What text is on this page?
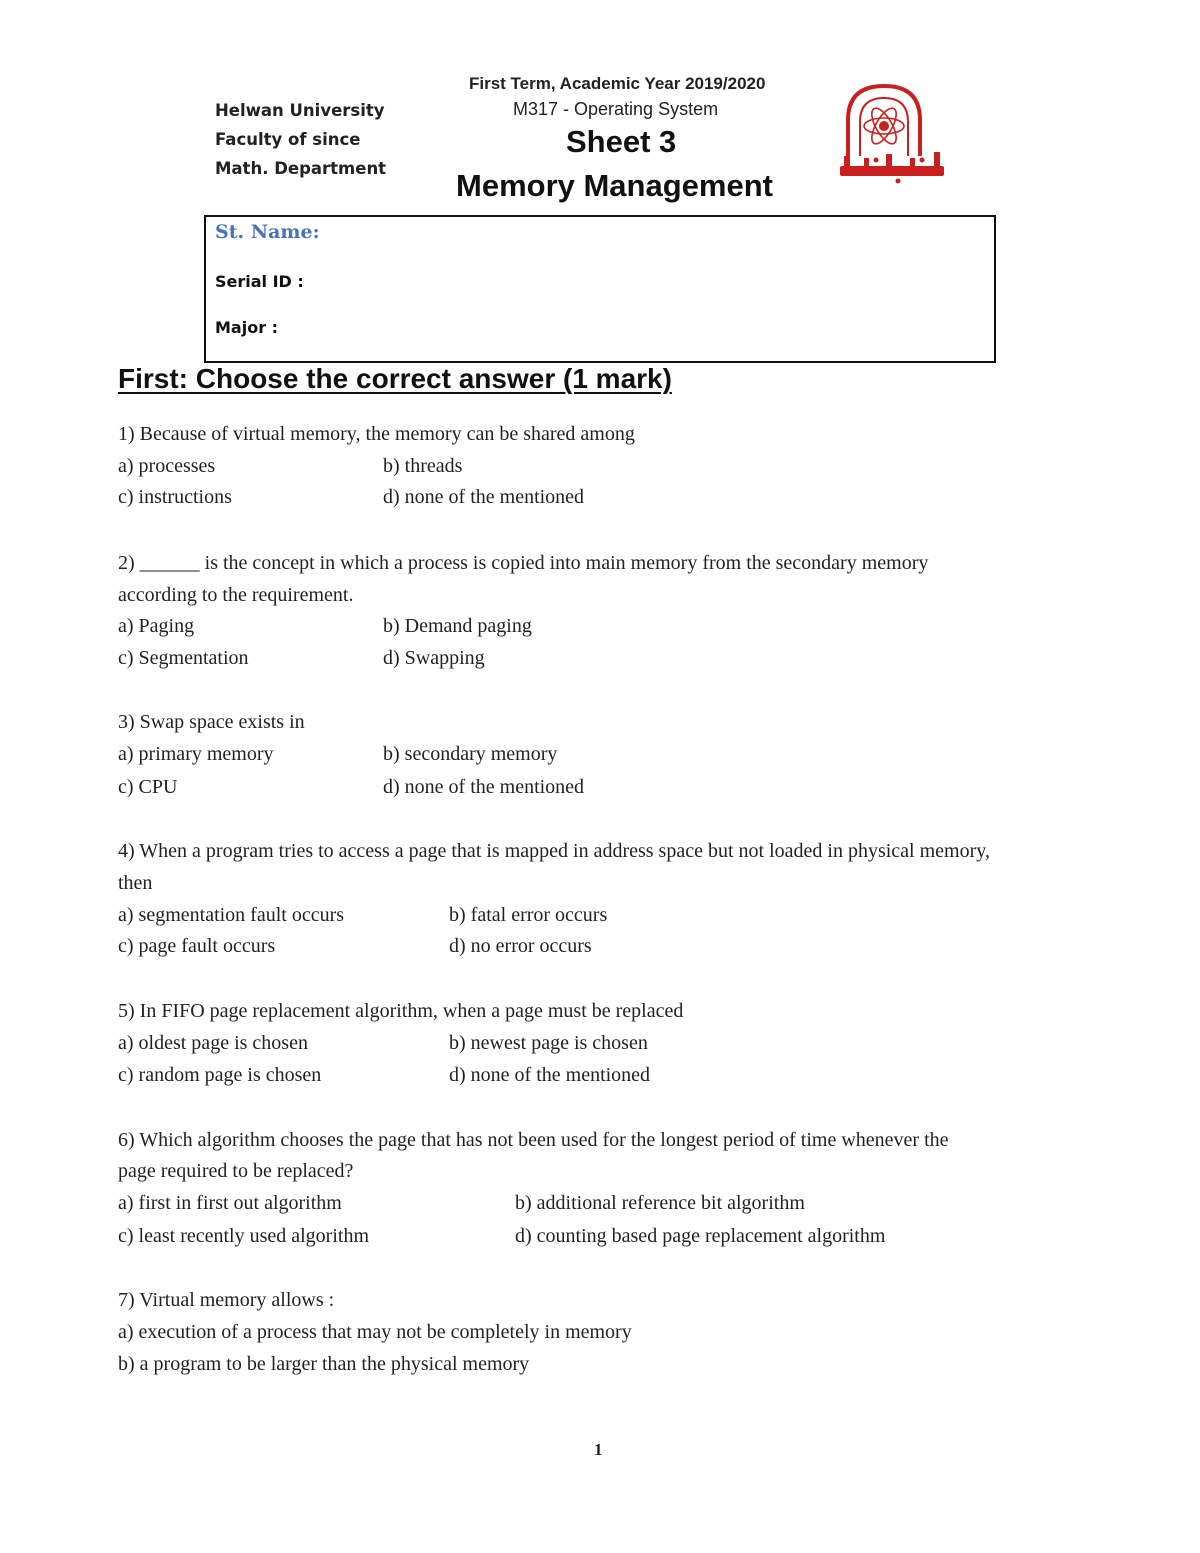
Helwan University
Faculty of since
Math. Department
First Term, Academic Year 2019/2020
M317 - Operating System
Sheet 3
Memory Management
St. Name:
Serial ID :
Major :
First: Choose the correct answer (1 mark)
1) Because of virtual memory, the memory can be shared among
a) processes	b) threads
c) instructions	d) none of the mentioned
2) ______ is the concept in which a process is copied into main memory from the secondary memory
according to the requirement.
a) Paging	b) Demand paging
c) Segmentation	d) Swapping
3) Swap space exists in
a) primary memory	b) secondary memory
c) CPU	d) none of the mentioned
4) When a program tries to access a page that is mapped in address space but not loaded in physical memory,
then
a) segmentation fault occurs	b) fatal error occurs
c) page fault occurs	d) no error occurs
5) In FIFO page replacement algorithm, when a page must be replaced
a) oldest page is chosen	b) newest page is chosen
c) random page is chosen	d) none of the mentioned
6) Which algorithm chooses the page that has not been used for the longest period of time whenever the
page required to be replaced?
a) first in first out algorithm	b) additional reference bit algorithm
c) least recently used algorithm	d) counting based page replacement algorithm
7) Virtual memory allows :
a) execution of a process that may not be completely in memory
b) a program to be larger than the physical memory
1
